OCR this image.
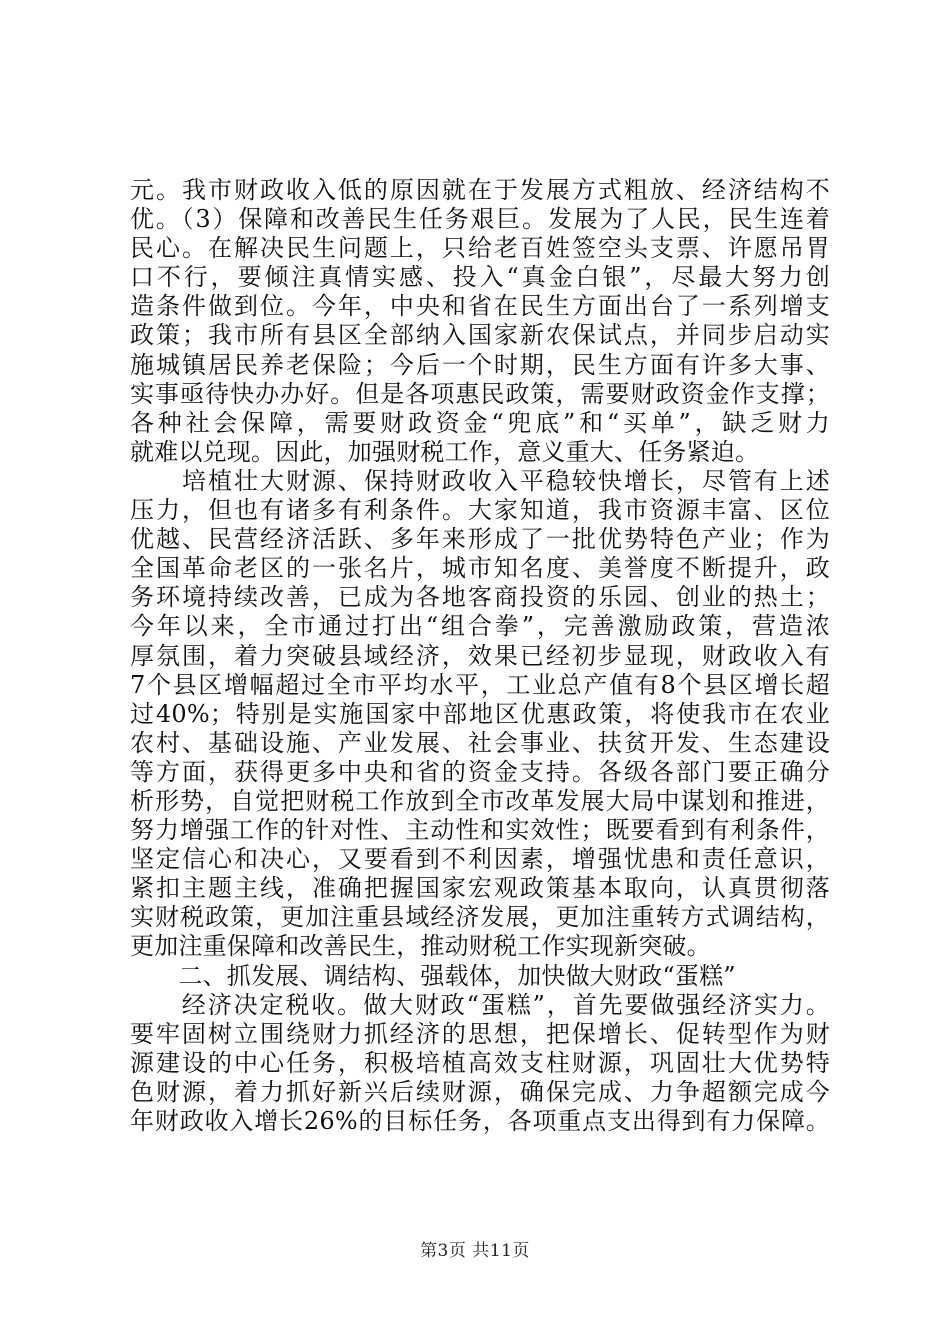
元。我市财政收入低的原因就在于发展方式粗放、经济结构不
优。（3）保障和改善民生任务艰巨。发展为了人民，民生连着
民心。在解决民生问题上，只给老百姓签空头支票、许愿吊胃
口不行，要倾注真情实感、投入“真金白银”，尽最大努力创
造条件做到位。今年，中央和省在民生方面出台了一系列增支
政策；我市所有县区全部纳入国家新农保试点，并同步启动实
施城镇居民养老保险；今后一个时期，民生方面有许多大事、
实事亟待快办办好。但是各项惠民政策，需要财政资金作支撑；
各种社会保障，需要财政资金“兜底”和“买单”，缺乏财力
就难以兑现。因此，加强财税工作，意义重大、任务紧迫。
　　培植壮大财源、保持财政收入平稳较快增长，尽管有上述
压力，但也有诸多有利条件。大家知道，我市资源丰富、区位
优越、民营经济活跃、多年来形成了一批优势特色产业；作为
全国革命老区的一张名片，城市知名度、美誉度不断提升，政
务环境持续改善，已成为各地客商投资的乐园、创业的热土；
今年以来，全市通过打出“组合拳”，完善激励政策，营造浓
厚氛围，着力突破县域经济，效果已经初步显现，财政收入有
7个县区增幅超过全市平均水平，工业总产值有8个县区增长超
过40%；特别是实施国家中部地区优惠政策，将使我市在农业
农村、基础设施、产业发展、社会事业、扶贫开发、生态建设
等方面，获得更多中央和省的资金支持。各级各部门要正确分
析形势，自觉把财税工作放到全市改革发展大局中谋划和推进，
努力增强工作的针对性、主动性和实效性；既要看到有利条件，
坚定信心和决心，又要看到不利因素，增强忧患和责任意识，
紧扣主题主线，准确把握国家宏观政策基本取向，认真贯彻落
实财税政策，更加注重县域经济发展，更加注重转方式调结构，
更加注重保障和改善民生，推动财税工作实现新突破。
　　二、抓发展、调结构、强载体，加快做大财政“蛋糕”
　　经济决定税收。做大财政“蛋糕”，首先要做强经济实力。
要牢固树立围绕财力抓经济的思想，把保增长、促转型作为财
源建设的中心任务，积极培植高效支柱财源，巩固壮大优势特
色财源，着力抓好新兴后续财源，确保完成、力争超额完成今
年财政收入增长26%的目标任务，各项重点支出得到有力保障。
第3页 共11页
